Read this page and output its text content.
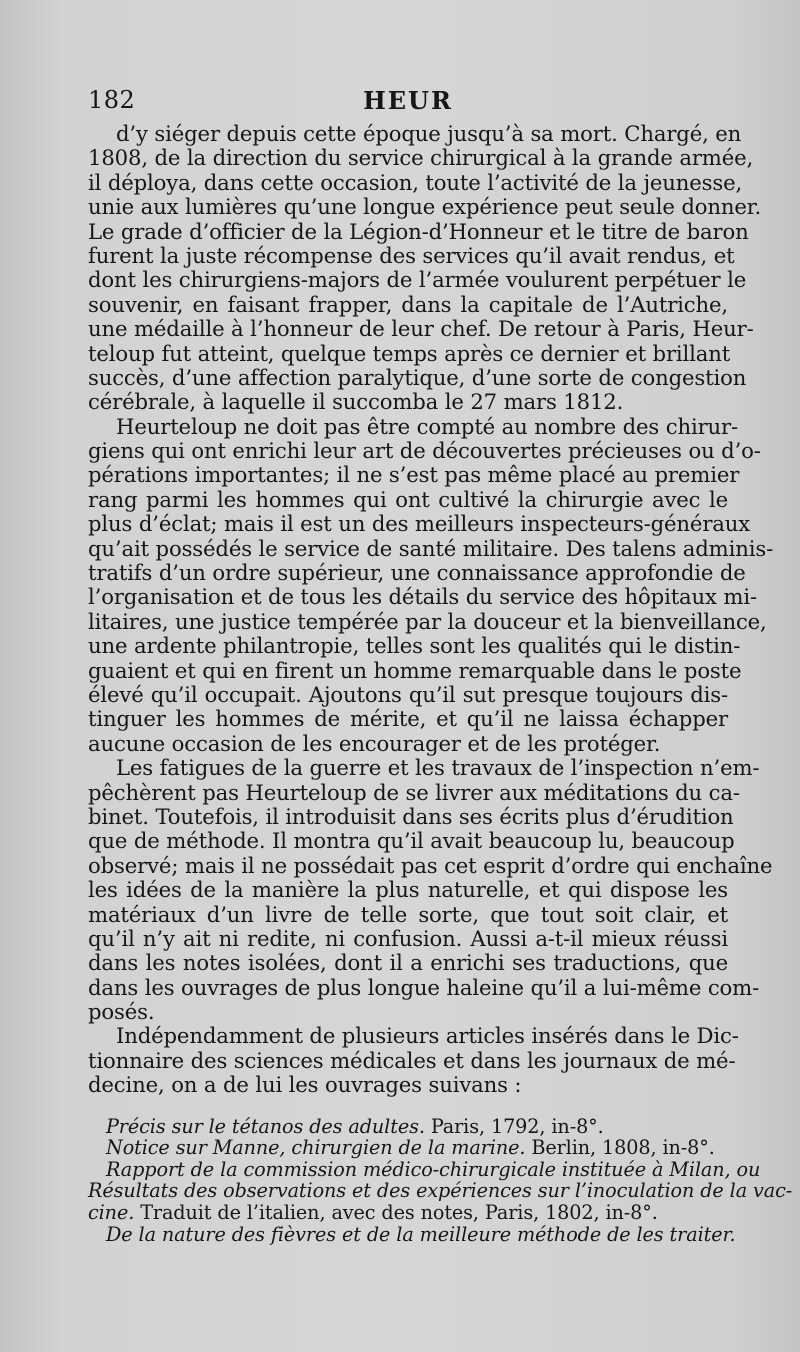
182	HEUR
d’y siéger depuis cette époque jusqu’à sa mort. Chargé, en
1808, de la direction du service chirurgical à la grande armée,
il déploya, dans cette occasion, toute l’activité de la jeunesse,
unie aux lumières qu’une longue expérience peut seule donner.
Le grade d’officier de la Légion-d’Honneur et le titre de baron
furent la juste récompense des services qu’il avait rendus, et
dont les chirurgiens-majors de l’armée voulurent perpétuer le
souvenir, en faisant frapper, dans la capitale de l’Autriche,
une médaille à l’honneur de leur chef. De retour à Paris, Heur-
teloup fut atteint, quelque temps après ce dernier et brillant
succès, d’une affection paralytique, d’une sorte de congestion
cérébrale, à laquelle il succomba le 27 mars 1812.
Heurteloup ne doit pas être compté au nombre des chirur-
giens qui ont enrichi leur art de découvertes précieuses ou d’o-
pérations importantes; il ne s’est pas même placé au premier
rang parmi les hommes qui ont cultivé la chirurgie avec le
plus d’éclat; mais il est un des meilleurs inspecteurs-généraux
qu’ait possédés le service de santé militaire. Des talens adminis-
tratifs d’un ordre supérieur, une connaissance approfondie de
l’organisation et de tous les détails du service des hôpitaux mi-
litaires, une justice tempérée par la douceur et la bienveillance,
une ardente philantropie, telles sont les qualités qui le distin-
guaient et qui en firent un homme remarquable dans le poste
élevé qu’il occupait. Ajoutons qu’il sut presque toujours dis-
tinguer les hommes de mérite, et qu’il ne laissa échapper
aucune occasion de les encourager et de les protéger.
Les fatigues de la guerre et les travaux de l’inspection n’em-
pêchèrent pas Heurteloup de se livrer aux méditations du ca-
binet. Toutefois, il introduisit dans ses écrits plus d’érudition
que de méthode. Il montra qu’il avait beaucoup lu, beaucoup
observé; mais il ne possédait pas cet esprit d’ordre qui enchaîne
les idées de la manière la plus naturelle, et qui dispose les
matériaux d’un livre de telle sorte, que tout soit clair, et
qu’il n’y ait ni redite, ni confusion. Aussi a-t-il mieux réussi
dans les notes isolées, dont il a enrichi ses traductions, que
dans les ouvrages de plus longue haleine qu’il a lui-même com-
posés.
Indépendamment de plusieurs articles insérés dans le Dic-
tionnaire des sciences médicales et dans les journaux de mé-
decine, on a de lui les ouvrages suivans :
Précis sur le tétanos des adultes. Paris, 1792, in-8°.
Notice sur Manne, chirurgien de la marine. Berlin, 1808, in-8°.
Rapport de la commission médico-chirurgicale instituée à Milan, ou
Résultats des observations et des expériences sur l’inoculation de la vac-
cine. Traduit de l’italien, avec des notes, Paris, 1802, in-8°.
De la nature des fièvres et de la meilleure méthode de les traiter.
